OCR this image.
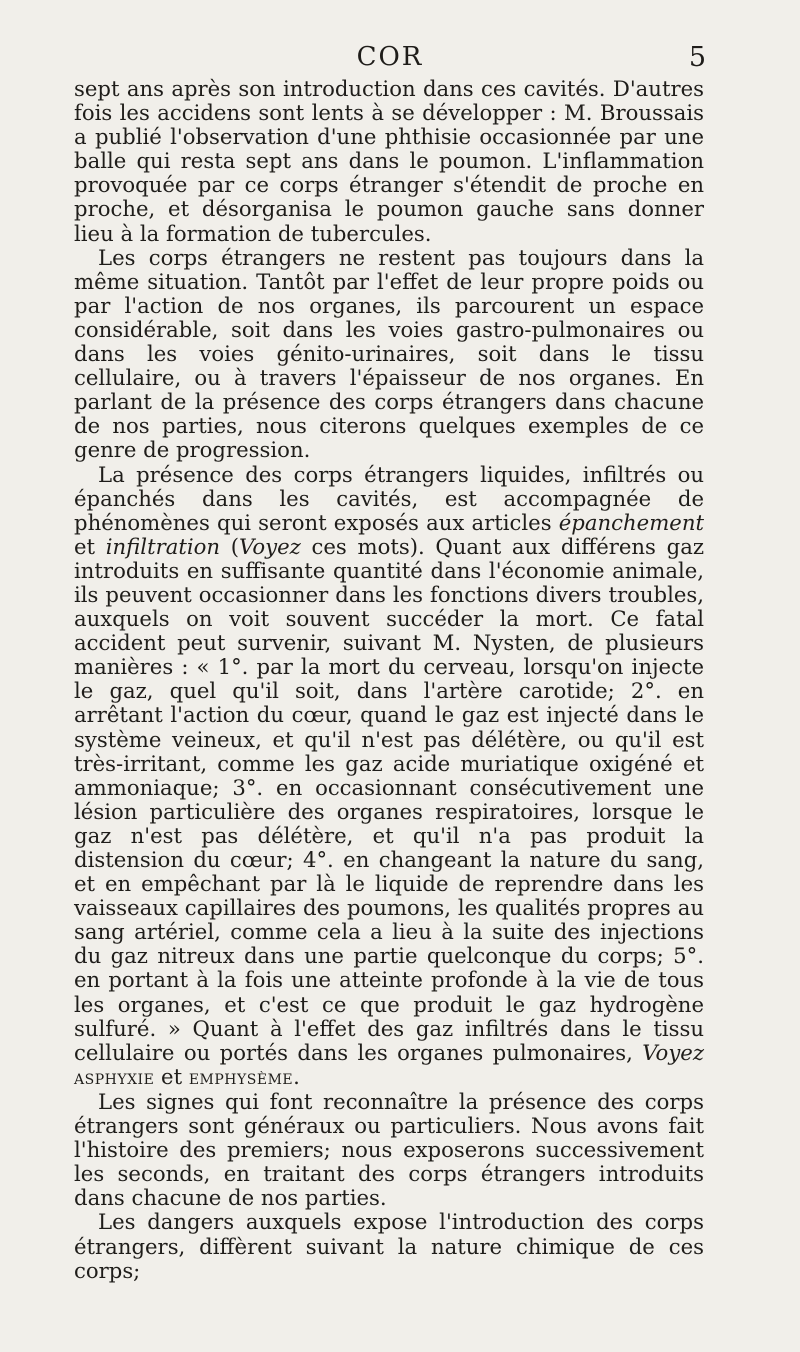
COR	5

sept ans après son introduction dans ces cavités. D'autres fois les accidens sont lents à se développer : M. Broussais a publié l'observation d'une phthisie occasionnée par une balle qui resta sept ans dans le poumon. L'inflammation provoquée par ce corps étranger s'étendit de proche en proche, et désorganisa le poumon gauche sans donner lieu à la formation de tubercules.

Les corps étrangers ne restent pas toujours dans la même situation. Tantôt par l'effet de leur propre poids ou par l'action de nos organes, ils parcourent un espace considérable, soit dans les voies gastro-pulmonaires ou dans les voies génito-urinaires, soit dans le tissu cellulaire, ou à travers l'épaisseur de nos organes. En parlant de la présence des corps étrangers dans chacune de nos parties, nous citerons quelques exemples de ce genre de progression.

La présence des corps étrangers liquides, infiltrés ou épanchés dans les cavités, est accompagnée de phénomènes qui seront exposés aux articles épanchement et infiltration (Voyez ces mots). Quant aux différens gaz introduits en suffisante quantité dans l'économie animale, ils peuvent occasionner dans les fonctions divers troubles, auxquels on voit souvent succéder la mort. Ce fatal accident peut survenir, suivant M. Nysten, de plusieurs manières : « 1°. par la mort du cerveau, lorsqu'on injecte le gaz, quel qu'il soit, dans l'artère carotide; 2°. en arrêtant l'action du cœur, quand le gaz est injecté dans le système veineux, et qu'il n'est pas délétère, ou qu'il est très-irritant, comme les gaz acide muriatique oxigéné et ammoniaque; 3°. en occasionnant consécutivement une lésion particulière des organes respiratoires, lorsque le gaz n'est pas délétère, et qu'il n'a pas produit la distension du cœur; 4°. en changeant la nature du sang, et en empêchant par là le liquide de reprendre dans les vaisseaux capillaires des poumons, les qualités propres au sang artériel, comme cela a lieu à la suite des injections du gaz nitreux dans une partie quelconque du corps; 5°. en portant à la fois une atteinte profonde à la vie de tous les organes, et c'est ce que produit le gaz hydrogène sulfuré. » Quant à l'effet des gaz infiltrés dans le tissu cellulaire ou portés dans les organes pulmonaires, Voyez asphyxie et emphysème.

Les signes qui font reconnaître la présence des corps étrangers sont généraux ou particuliers. Nous avons fait l'histoire des premiers; nous exposerons successivement les seconds, en traitant des corps étrangers introduits dans chacune de nos parties.

Les dangers auxquels expose l'introduction des corps étrangers, diffèrent suivant la nature chimique de ces corps;
